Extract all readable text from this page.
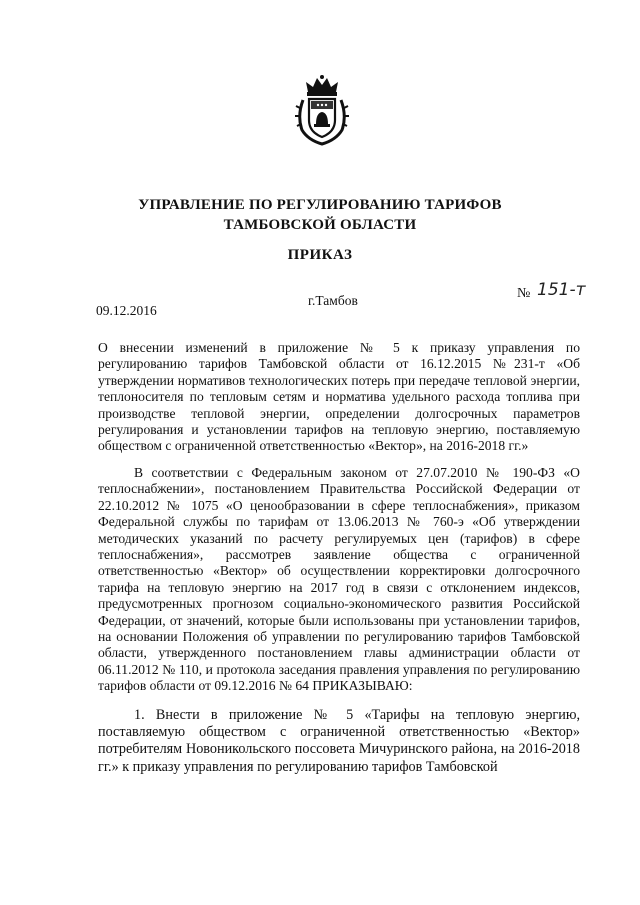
УПРАВЛЕНИЕ ПО РЕГУЛИРОВАНИЮ ТАРИФОВ
ТАМБОВСКОЙ ОБЛАСТИ
ПРИКАЗ
09.12.2016
г.Тамбов	№ 151-т
О внесении изменений в приложение № 5 к приказу управления по регулированию тарифов Тамбовской области от 16.12.2015 №231-т «Об утверждении нормативов технологических потерь при передаче тепловой энергии, теплоносителя по тепловым сетям и норматива удельного расхода топлива при производстве тепловой энергии, определении долгосрочных параметров регулирования и установлении тарифов на тепловую энергию, поставляемую обществом с ограниченной ответственностью «Вектор», на 2016-2018 гг.»
В соответствии с Федеральным законом от 27.07.2010 № 190-ФЗ «О теплоснабжении», постановлением Правительства Российской Федерации от 22.10.2012 № 1075 «О ценообразовании в сфере теплоснабжения», приказом Федеральной службы по тарифам от 13.06.2013 № 760-э «Об утверждении методических указаний по расчету регулируемых цен (тарифов) в сфере теплоснабжения», рассмотрев заявление общества с ограниченной ответственностью «Вектор» об осуществлении корректировки долгосрочного тарифа на тепловую энергию на 2017 год в связи с отклонением индексов, предусмотренных прогнозом социально-экономического развития Российской Федерации, от значений, которые были использованы при установлении тарифов, на основании Положения об управлении по регулированию тарифов Тамбовской области, утвержденного постановлением главы администрации области от 06.11.2012 № 110, и протокола заседания правления управления по регулированию тарифов области от 09.12.2016 № 64 ПРИКАЗЫВАЮ:
1. Внести в приложение № 5 «Тарифы на тепловую энергию, поставляемую обществом с ограниченной ответственностью «Вектор» потребителям Новоникольского поссовета Мичуринского района, на 2016-2018 гг.» к приказу управления по регулированию тарифов Тамбовской
